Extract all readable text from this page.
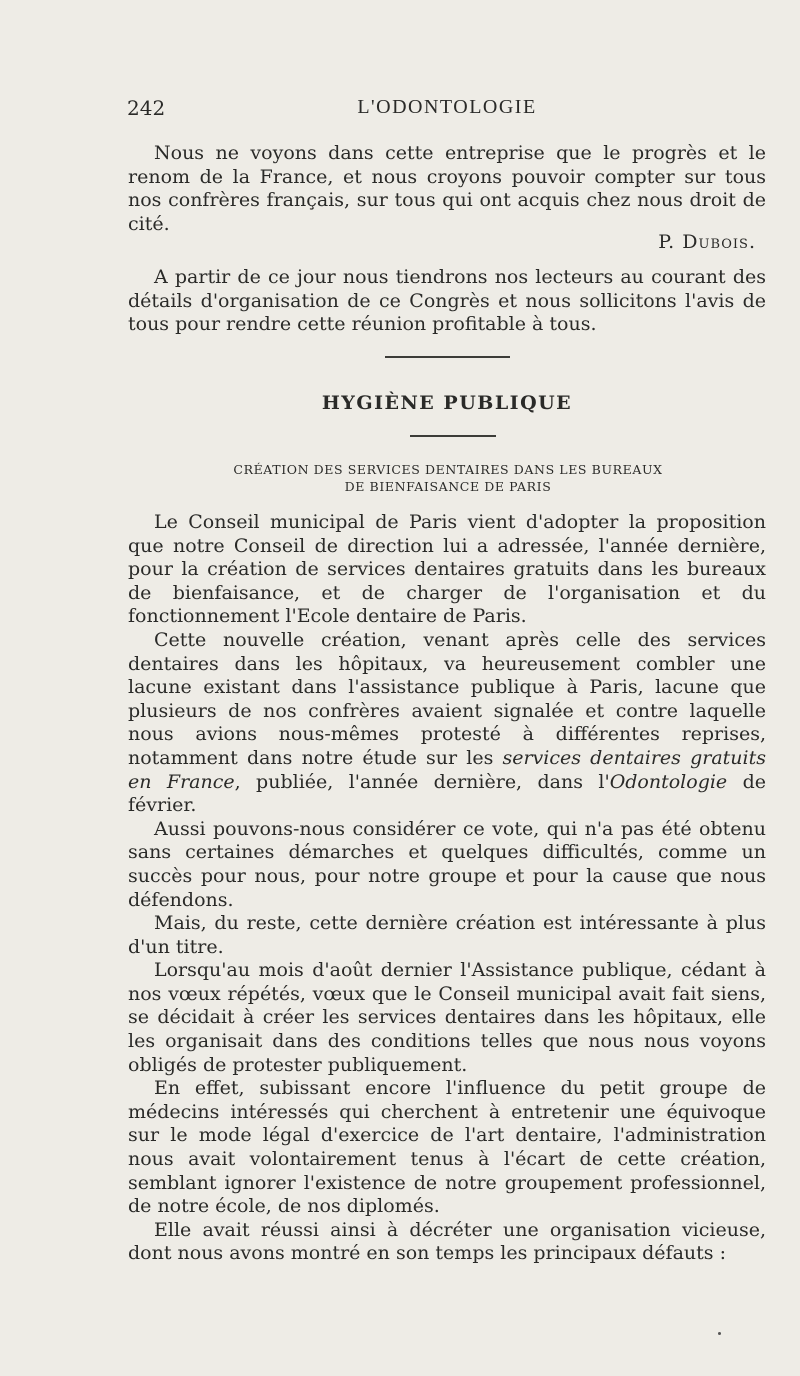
242	L'ODONTOLOGIE

Nous ne voyons dans cette entreprise que le progrès et le renom de la France, et nous croyons pouvoir compter sur tous nos confrères français, sur tous qui ont acquis chez nous droit de cité.

P. Dubois.

A partir de ce jour nous tiendrons nos lecteurs au courant des détails d'organisation de ce Congrès et nous sollicitons l'avis de tous pour rendre cette réunion profitable à tous.

HYGIÈNE PUBLIQUE
CRÉATION DES SERVICES DENTAIRES DANS LES BUREAUX
DE BIENFAISANCE DE PARIS

Le Conseil municipal de Paris vient d'adopter la proposition que notre Conseil de direction lui a adressée, l'année dernière, pour la création de services dentaires gratuits dans les bureaux de bienfaisance, et de charger de l'organisation et du fonctionnement l'Ecole dentaire de Paris.

Cette nouvelle création, venant après celle des services dentaires dans les hôpitaux, va heureusement combler une lacune existant dans l'assistance publique à Paris, lacune que plusieurs de nos confrères avaient signalée et contre laquelle nous avions nous-mêmes protesté à différentes reprises, notamment dans notre étude sur les services dentaires gratuits en France, publiée, l'année dernière, dans l'Odontologie de février.

Aussi pouvons-nous considérer ce vote, qui n'a pas été obtenu sans certaines démarches et quelques difficultés, comme un succès pour nous, pour notre groupe et pour la cause que nous défendons.

Mais, du reste, cette dernière création est intéressante à plus d'un titre.

Lorsqu'au mois d'août dernier l'Assistance publique, cédant à nos vœux répétés, vœux que le Conseil municipal avait fait siens, se décidait à créer les services dentaires dans les hôpitaux, elle les organisait dans des conditions telles que nous nous voyons obligés de protester publiquement.

En effet, subissant encore l'influence du petit groupe de médecins intéressés qui cherchent à entretenir une équivoque sur le mode légal d'exercice de l'art dentaire, l'administration nous avait volontairement tenus à l'écart de cette création, semblant ignorer l'existence de notre groupement professionnel, de notre école, de nos diplomés.

Elle avait réussi ainsi à décréter une organisation vicieuse, dont nous avons montré en son temps les principaux défauts :
